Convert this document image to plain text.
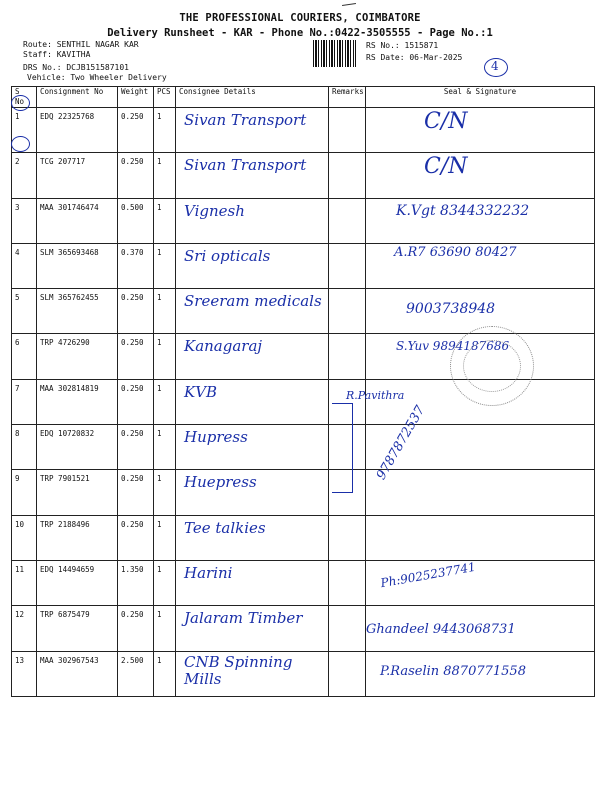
THE PROFESSIONAL COURIERS, COIMBATORE
Delivery Runsheet - KAR - Phone No.:0422-3505555 - Page No.:1
Route: SENTHIL NAGAR KAR
Staff: KAVITHA
DRS No.: DCJB151587101
Vehicle: Two Wheeler Delivery
RS No.: 1515871
RS Date: 06-Mar-2025
4
S No	Consignment No	Weight	PCS	Consignee Details	Remarks	Seal & Signature
1	EDQ 22325768	0.250	1	Sivan Transport		C/N

2	TCG 207717	0.250	1	Sivan Transport		C/N

3	MAA 301746474	0.500	1	Vignesh		K.Vgt 8344332232

4	SLM 365693468	0.370	1	Sri opticals		A.R7 63690 80427

5	SLM 365762455	0.250	1	Sreeram medicals		9003738948

6	TRP 4726290	0.250	1	Kanagaraj		S.Yuv 9894187686

7	MAA 302814819	0.250	1	KVB		R.Pavithra

8	EDQ 10720832	0.250	1	Hupress		

9	TRP 7901521	0.250	1	Huepress		9787872537

10	TRP 2188496	0.250	1	Tee talkies		

11	EDQ 14494659	1.350	1	Harini		Ph:9025237741

12	TRP 6875479	0.250	1	Jalaram Timber		Ghandeel 9443068731

13	MAA 302967543	2.500	1	CNB Spinning Mills		P.Raselin 8870771558
